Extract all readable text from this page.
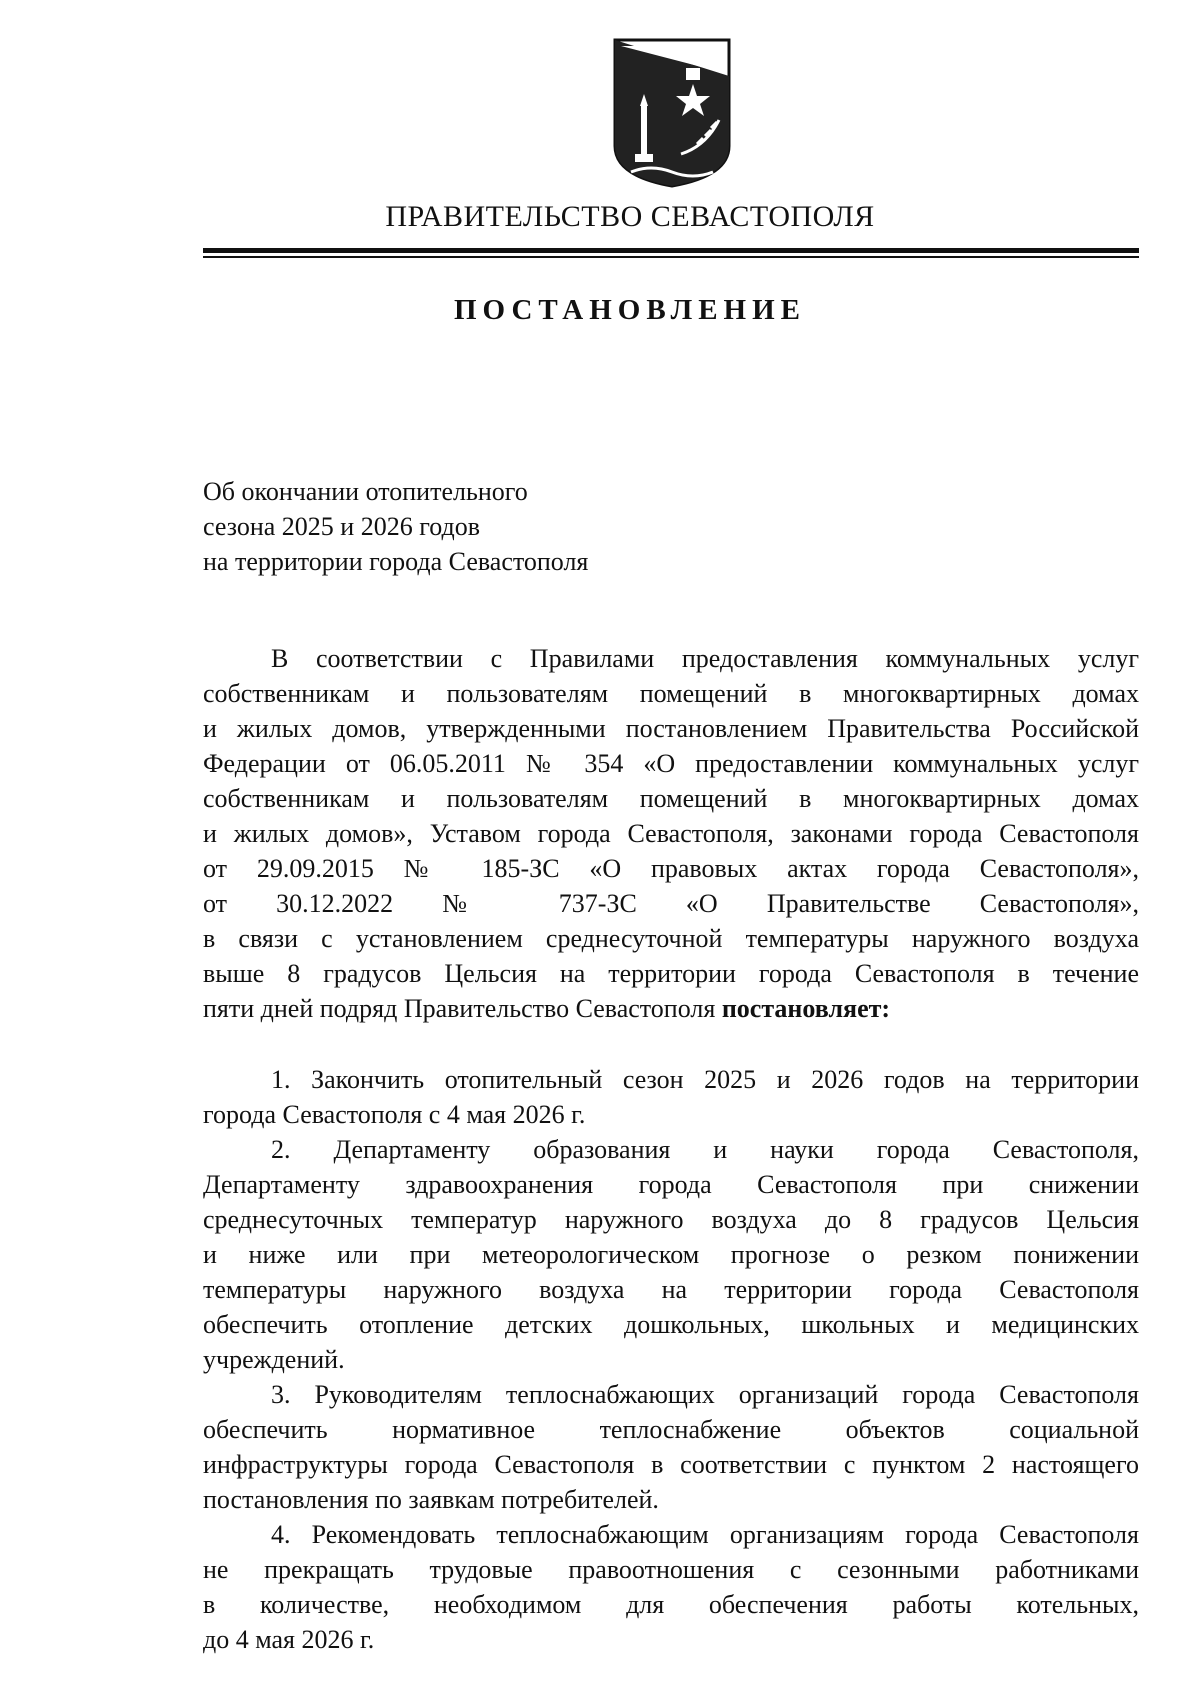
ПРАВИТЕЛЬСТВО СЕВАСТОПОЛЯ
ПОСТАНОВЛЕНИЕ
Об окончании отопительного
сезона 2025 и 2026 годов
на территории города Севастополя
В соответствии с Правилами предоставления коммунальных услуг
собственникам и пользователям помещений в многоквартирных домах
и жилых домов, утвержденными постановлением Правительства Российской
Федерации от 06.05.2011 № 354 «О предоставлении коммунальных услуг
собственникам и пользователям помещений в многоквартирных домах
и жилых домов», Уставом города Севастополя, законами города Севастополя
от 29.09.2015 № 185-ЗС «О правовых актах города Севастополя»,
от 30.12.2022 № 737-ЗС «О Правительстве Севастополя»,
в связи с установлением среднесуточной температуры наружного воздуха
выше 8 градусов Цельсия на территории города Севастополя в течение
пяти дней подряд Правительство Севастополя постановляет:
1. Закончить отопительный сезон 2025 и 2026 годов на территории
города Севастополя с 4 мая 2026 г.
2. Департаменту образования и науки города Севастополя,
Департаменту здравоохранения города Севастополя при снижении
среднесуточных температур наружного воздуха до 8 градусов Цельсия
и ниже или при метеорологическом прогнозе о резком понижении
температуры наружного воздуха на территории города Севастополя
обеспечить отопление детских дошкольных, школьных и медицинских
учреждений.
3. Руководителям теплоснабжающих организаций города Севастополя
обеспечить нормативное теплоснабжение объектов социальной
инфраструктуры города Севастополя в соответствии с пунктом 2 настоящего
постановления по заявкам потребителей.
4. Рекомендовать теплоснабжающим организациям города Севастополя
не прекращать трудовые правоотношения с сезонными работниками
в количестве, необходимом для обеспечения работы котельных,
до 4 мая 2026 г.
